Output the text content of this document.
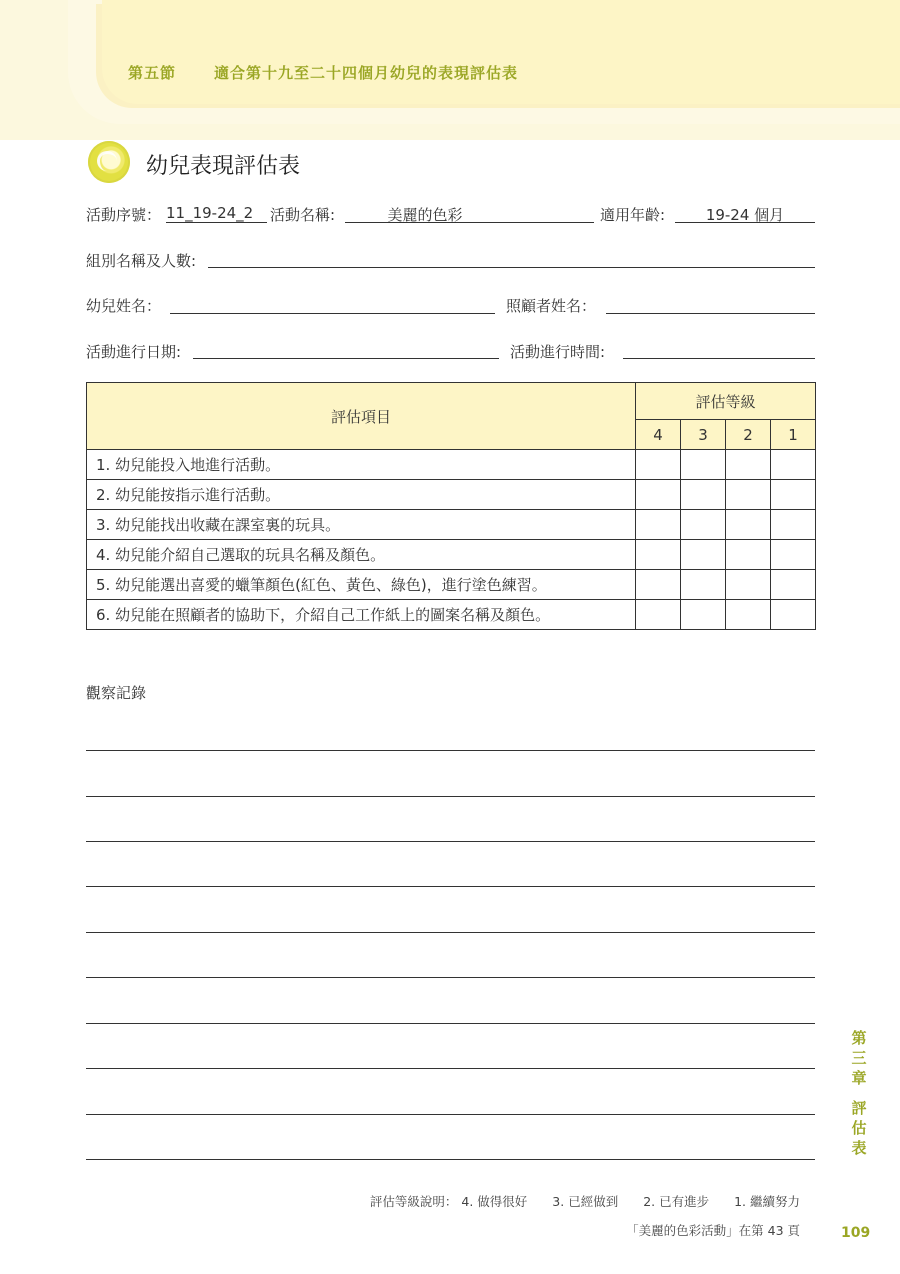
第五節	適合第十九至二十四個月幼兒的表現評估表
幼兒表現評估表
活動序號： 11_19-24_2	活動名稱:	美麗的色彩	適用年齡:	19-24 個月
組別名稱及人數:
幼兒姓名：	照顧者姓名：
活動進行日期:	活動進行時間:
評估項目	評估等級			
	4	3	2	1
1. 幼兒能投入地進行活動。				
2. 幼兒能按指示進行活動。				
3. 幼兒能找出收藏在課室裏的玩具。				
4. 幼兒能介紹自己選取的玩具名稱及顏色。				
5. 幼兒能選出喜愛的蠟筆顏色(紅色、黃色、綠色)，進行塗色練習。				
6. 幼兒能在照顧者的協助下，介紹自己工作紙上的圖案名稱及顏色。				
觀察記錄
第
三
章
評
估
表
評估等級說明： 4. 做得很好　　3. 已經做到　　2. 已有進步　　1. 繼續努力
「美麗的色彩活動」在第 43 頁	109
